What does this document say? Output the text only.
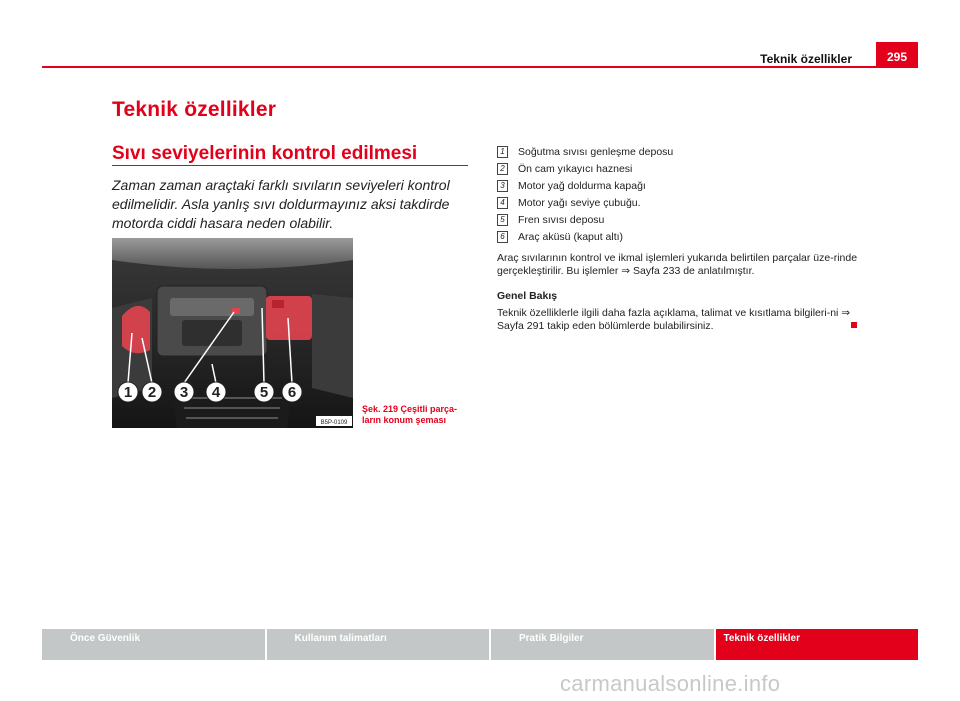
295
Teknik özellikler
Teknik özellikler
Sıvı seviyelerinin kontrol edilmesi
Zaman zaman araçtaki farklı sıvıların seviyeleri kontrol edilmelidir. Asla yanlış sıvı doldurmayınız aksi takdirde motorda ciddi hasara neden olabilir.
1 2 3 4	5 6
B5P-0109
Şek. 219 Çeşitli parça-ların konum şeması
1	Soğutma sıvısı genleşme deposu
2	Ön cam yıkayıcı haznesi
3	Motor yağ doldurma kapağı
4	Motor yağı seviye çubuğu.
5	Fren sıvısı deposu
6	Araç aküsü (kaput altı)
Araç sıvılarının kontrol ve ikmal işlemleri yukarıda belirtilen parçalar üze-rinde gerçekleştirilir. Bu işlemler ⇒ Sayfa 233 de anlatılmıştır.
Genel Bakış
Teknik özelliklerle ilgili daha fazla açıklama, talimat ve kısıtlama bilgileri-ni ⇒ Sayfa 291 takip eden bölümlerde bulabilirsiniz.
Önce Güvenlik	Kullanım talimatları	Pratik Bilgiler	Teknik özellikler
carmanualsonline.info
